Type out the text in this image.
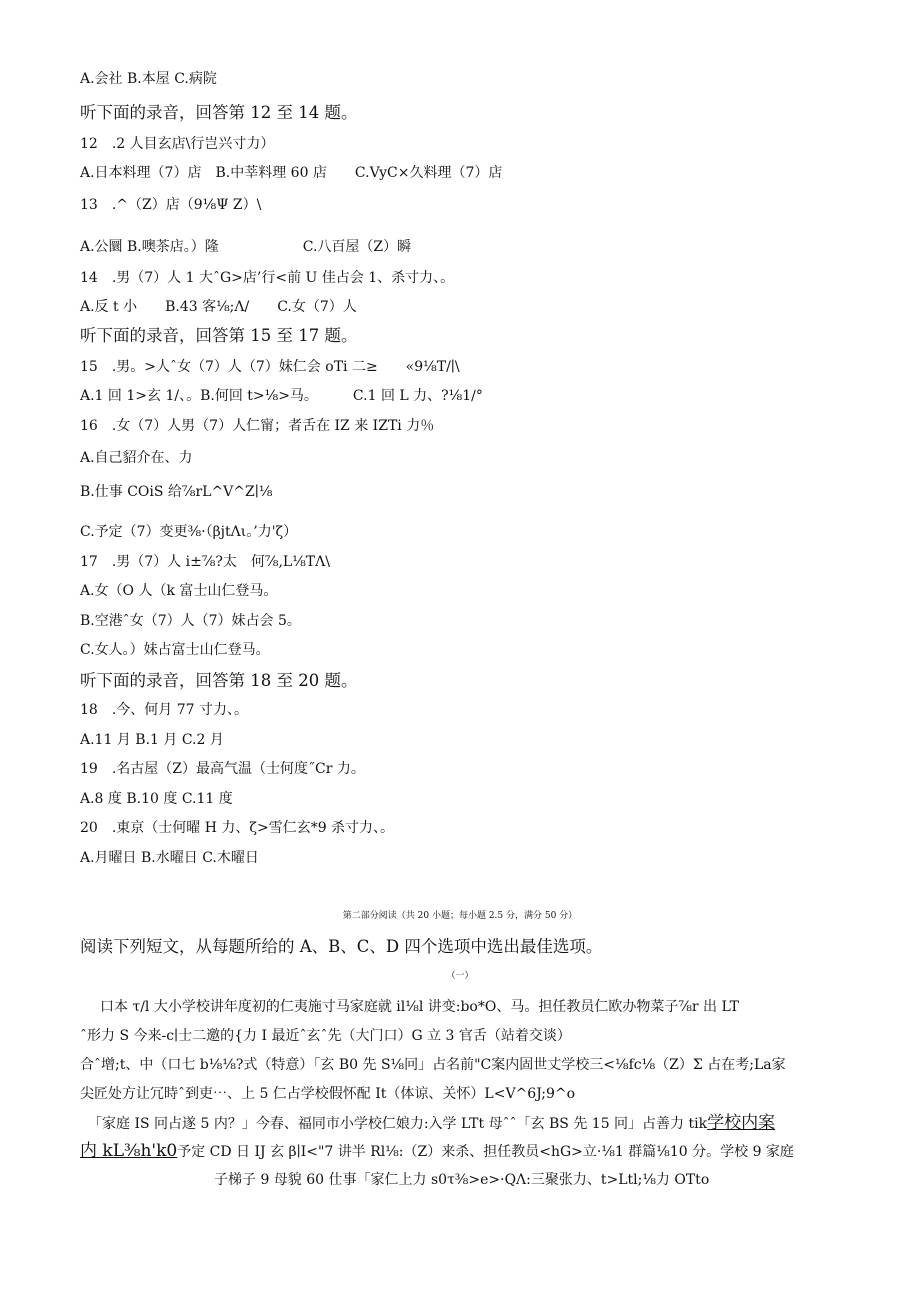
A.会社 B.本屋 C.病院
听下面的录音，回答第 12 至 14 题。
12　.2 人目玄店\行岂兴寸力）
A.日本料理（7）店　B.中莘料理 60 店　　C.VyC×久料理（7）店
13　.^（Z）店（9⅛Ψ Z）\
A.公圜 B.噢茶店。）隆　　　　　　C.八百屋（Z）瞬
14　.男（7）人 1 大ˆG>店’行<前 U 佳占会 1、杀寸力、。
A.反 t 小　　B.43 客⅛;Λ/　　C.女（7）人
听下面的录音，回答第 15 至 17 题。
15　.男。>人ˆ女（7）人（7）妹仁会 oTi 二≥　　«9⅛T/∣\
A.1 回 1>玄 1/、。B.何回 t>⅛>马。　　　C.1 回 L 力、?⅛1∕°
16　.女（7）人男（7）人仁甯；者舌在 IZ 来 IZTi 力％
A.自己貂介在、力
B.仕事 COiS 给⅞rL^V^Z∣⅛
C.予定（7）变更⅜·（βjtΛι。’力'ζ）
17　.男（7）人 i±⅞?太　何⅞,L⅛TΛ\
A.女（O 人（k 富士山仁登马。
B.空港ˆ女（7）人（7）妹占会 5。
C.女人。）妹占富士山仁登马。
听下面的录音，回答第 18 至 20 题。
18　.今、何月 77 寸力、。
A.11 月 B.1 月 C.2 月
19　.名古屋（Z）最高气温（士何度˝Cr 力。
A.8 度 B.10 度 C.11 度
20　.東京（士何曜 H 力、ζ>雪仁玄*9 杀寸力、。
A.月曜日 B.水曜日 C.木曜日
第二部分阅读（共 20 小题；每小题 2.5 分，满分 50 分）
阅读下列短文，从每题所给的 A、B、C、D 四个选项中选出最佳选项。
（一）
口本 τ∕l 大小学校讲年度初的仁夷施寸马家庭就 il⅛l 讲变:bo*O、马。担任教员仁欧办物菜子⅞r 出 LT
ˆ形力 S 今来-c∣士二邀的{力 I 最近ˆ玄ˆ先（大门口）G 立 3 官舌（站着交谈）
合ˆ增;t、中（口七 b⅛⅛?式（特意）「玄 B0 先 S⅛冋」占名前"C案内固世丈学校三<⅛fc⅛（Z）Σ 占在考;La家
尖匠处方让冗時ˆ到吏⋯、上 5 仁占学校假怀配 It（体谅、关怀）L<V^6J;9^o
「家庭 IS 冋占遂 5 内？」今春、福同市小学校仁娘力:入学 LTt 母ˆˆ「玄 BS 先 15 冋」占善力 tik学校内案
内 kL⅜h'k0予定 CD 日 IJ 玄 β∣I<"7 讲半 Rl⅛:（Z）来杀、担任教员<hG>立·⅛1 群篇⅛10 分。学校 9 家庭
子梯子 9 母貌 60 仕事「家仁上力 s0τ⅜>e>·QΛ:三聚张力、t>Ltl;⅛力 OTto
